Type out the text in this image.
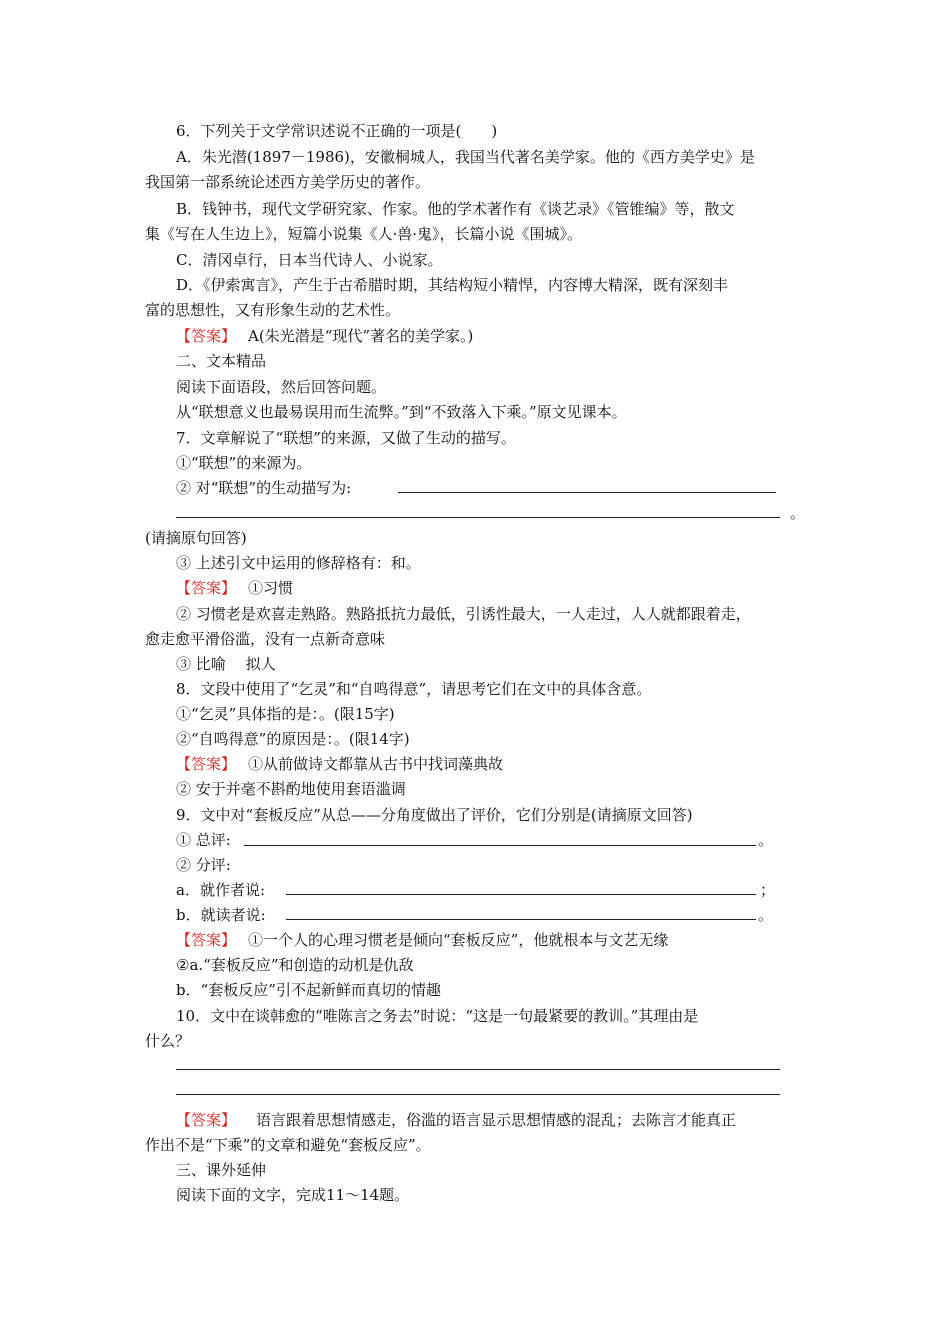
6．下列关于文学常识述说不正确的一项是(　　)
A．朱光潜(1897－1986)，安徽桐城人，我国当代著名美学家。他的《西方美学史》是
我国第一部系统论述西方美学历史的著作。
B．钱钟书，现代文学研究家、作家。他的学术著作有《谈艺录》《管锥编》等，散文
集《写在人生边上》，短篇小说集《人·兽·鬼》，长篇小说《围城》。
C．清冈卓行，日本当代诗人、小说家。
D．《伊索寓言》，产生于古希腊时期，其结构短小精悍，内容博大精深，既有深刻丰
富的思想性，又有形象生动的艺术性。
【答案】 A(朱光潜是“现代”著名的美学家。)
二、文本精品
阅读下面语段，然后回答问题。
从“联想意义也最易误用而生流弊。”到“不致落入下乘。”原文见课本。
7．文章解说了“联想”的来源，又做了生动的描写。
①“联想”的来源为。
② 对“联想”的生动描写为:
。
(请摘原句回答)
③ 上述引文中运用的修辞格有：和。
【答案】 ①习惯
② 习惯老是欢喜走熟路。熟路抵抗力最低，引诱性最大，一人走过，人人就都跟着走，
愈走愈平滑俗滥，没有一点新奇意味
③ 比喻 拟人
8．文段中使用了“乞灵”和“自鸣得意”，请思考它们在文中的具体含意。
①“乞灵”具体指的是：。(限15字)
②“自鸣得意”的原因是：。(限14字)
【答案】 ①从前做诗文都靠从古书中找词藻典故
② 安于并毫不斟酌地使用套语滥调
9．文中对“套板反应”从总——分角度做出了评价，它们分别是(请摘原文回答)
① 总评:	。
② 分评:
a．就作者说:	；
b．就读者说:	。
【答案】 ①一个人的心理习惯老是倾向“套板反应”，他就根本与文艺无缘
②a.“套板反应”和创造的动机是仇敌
b．“套板反应”引不起新鲜而真切的情趣
10．文中在谈韩愈的“唯陈言之务去”时说：“这是一句最紧要的教训。”其理由是
什么？
【答案】 语言跟着思想情感走，俗滥的语言显示思想情感的混乱；去陈言才能真正
作出不是“下乘”的文章和避免“套板反应”。
三、课外延伸
阅读下面的文字，完成11～14题。
